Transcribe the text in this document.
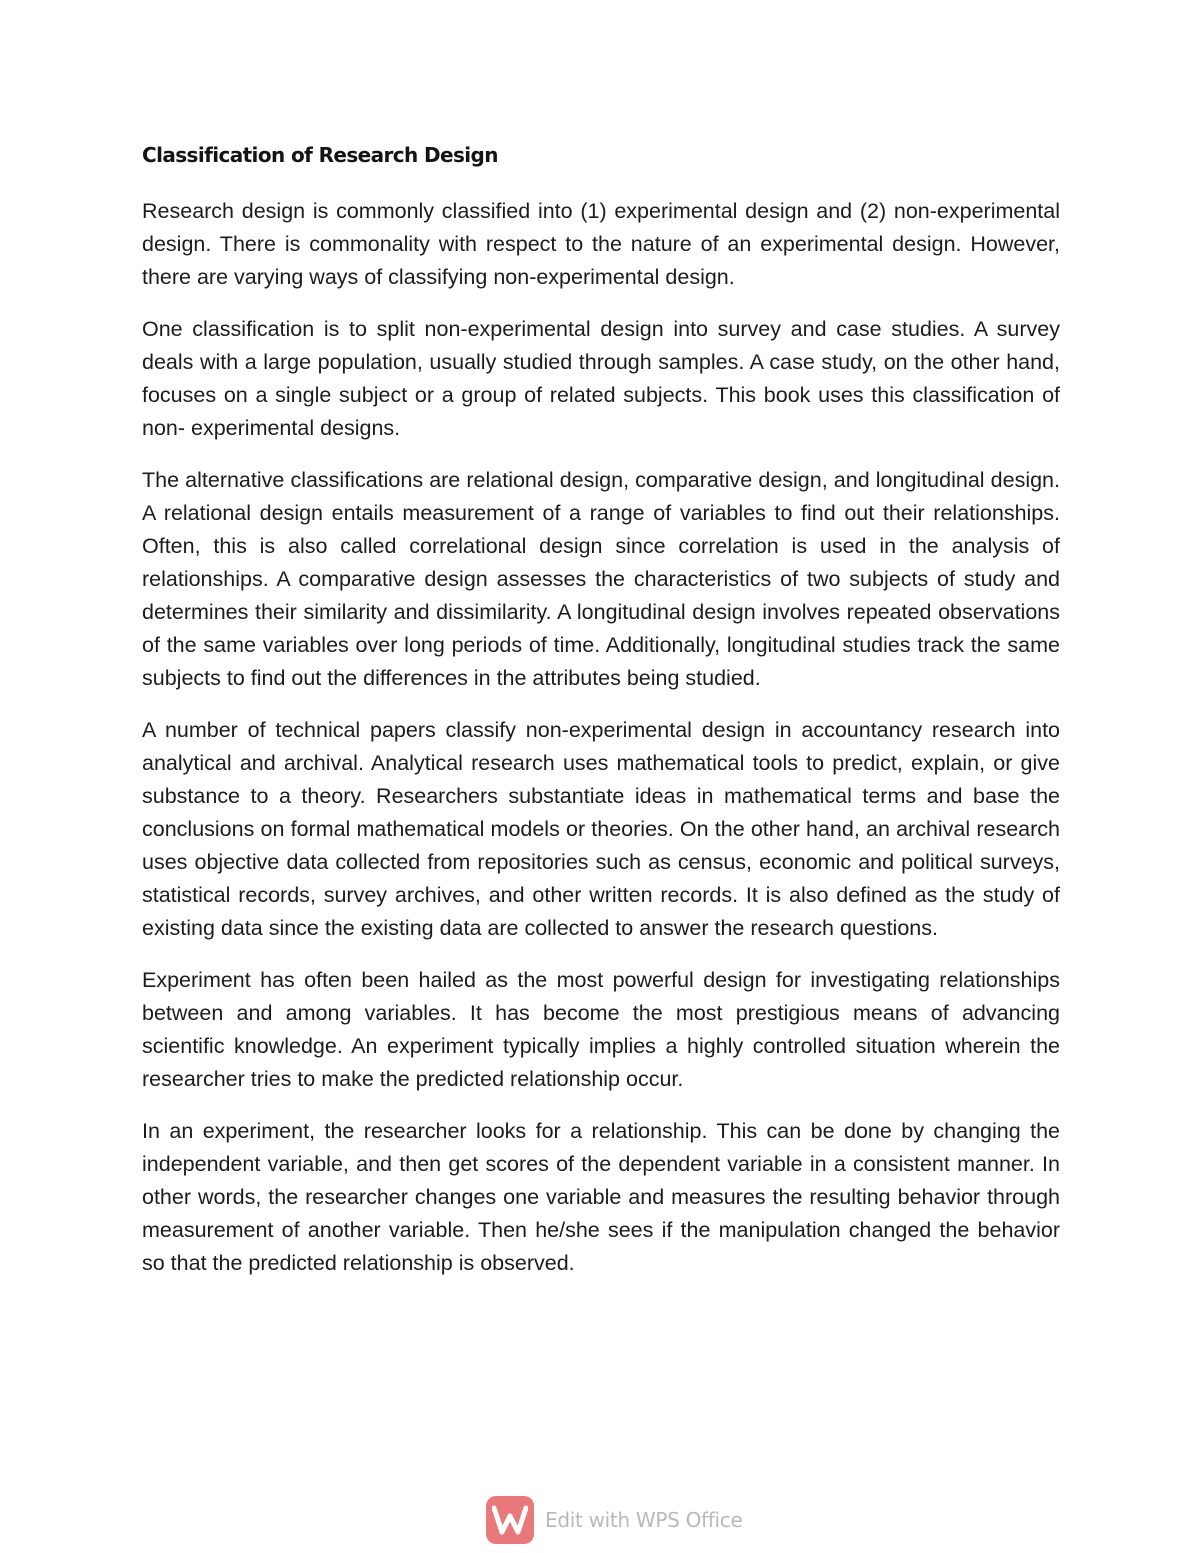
Classification of Research Design

Research design is commonly classified into (1) experimental design and (2) non-experimental design. There is commonality with respect to the nature of an experimental design. However, there are varying ways of classifying non-experimental design.

One classification is to split non-experimental design into survey and case studies. A survey deals with a large population, usually studied through samples. A case study, on the other hand, focuses on a single subject or a group of related subjects. This book uses this classification of non- experimental designs.

The alternative classifications are relational design, comparative design, and longitudinal design. A relational design entails measurement of a range of variables to find out their relationships. Often, this is also called correlational design since correlation is used in the analysis of relationships. A comparative design assesses the characteristics of two subjects of study and determines their similarity and dissimilarity. A longitudinal design involves repeated observations of the same variables over long periods of time. Additionally, longitudinal studies track the same subjects to find out the differences in the attributes being studied.

A number of technical papers classify non-experimental design in accountancy research into analytical and archival. Analytical research uses mathematical tools to predict, explain, or give substance to a theory. Researchers substantiate ideas in mathematical terms and base the conclusions on formal mathematical models or theories. On the other hand, an archival research uses objective data collected from repositories such as census, economic and political surveys, statistical records, survey archives, and other written records. It is also defined as the study of existing data since the existing data are collected to answer the research questions.

Experiment has often been hailed as the most powerful design for investigating relationships between and among variables. It has become the most prestigious means of advancing scientific knowledge. An experiment typically implies a highly controlled situation wherein the researcher tries to make the predicted relationship occur.

In an experiment, the researcher looks for a relationship. This can be done by changing the independent variable, and then get scores of the dependent variable in a consistent manner. In other words, the researcher changes one variable and measures the resulting behavior through measurement of another variable. Then he/she sees if the manipulation changed the behavior so that the predicted relationship is observed.

Edit with WPS Office
